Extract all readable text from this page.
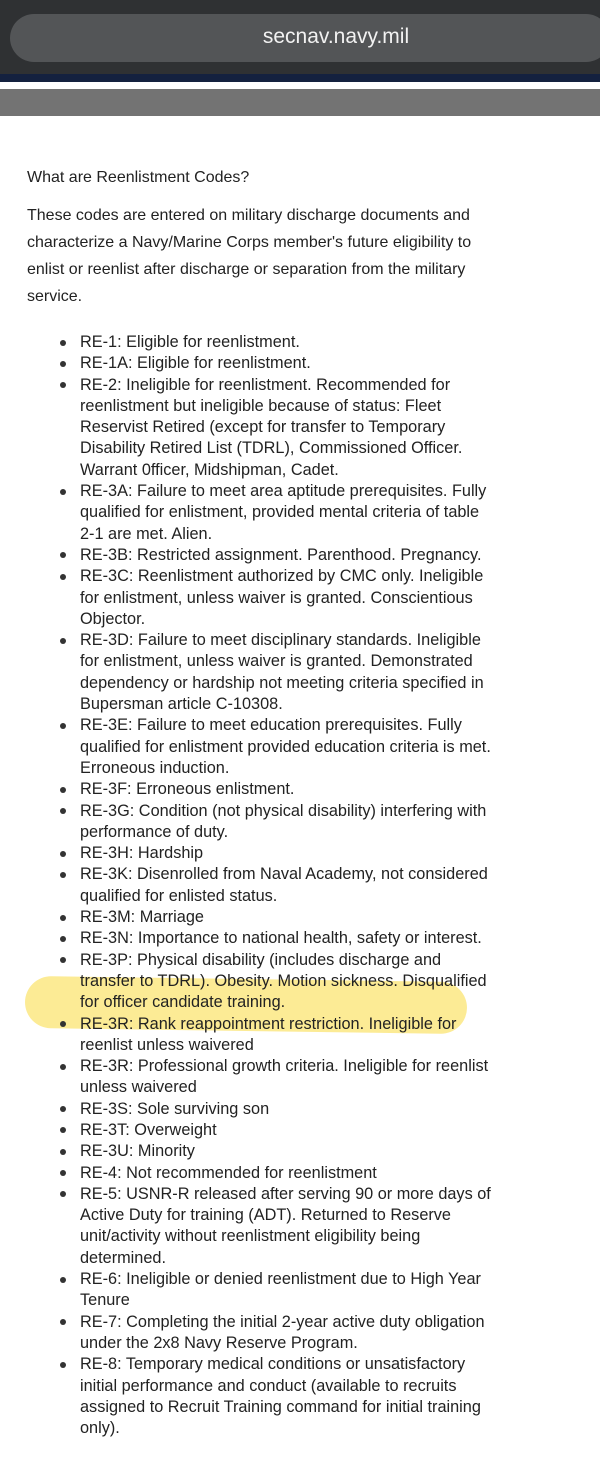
secnav.navy.mil

What are Reenlistment Codes?

These codes are entered on military discharge documents and characterize a Navy/Marine Corps member's future eligibility to enlist or reenlist after discharge or separation from the military service.

RE-1: Eligible for reenlistment.
RE-1A: Eligible for reenlistment.
RE-2: Ineligible for reenlistment. Recommended for reenlistment but ineligible because of status: Fleet Reservist Retired (except for transfer to Temporary Disability Retired List (TDRL), Commissioned Officer. Warrant 0fficer, Midshipman, Cadet.
RE-3A: Failure to meet area aptitude prerequisites. Fully qualified for enlistment, provided mental criteria of table 2-1 are met. Alien.
RE-3B: Restricted assignment. Parenthood. Pregnancy.
RE-3C: Reenlistment authorized by CMC only. Ineligible for enlistment, unless waiver is granted. Conscientious Objector.
RE-3D: Failure to meet disciplinary standards. Ineligible for enlistment, unless waiver is granted. Demonstrated dependency or hardship not meeting criteria specified in Bupersman article C-10308.
RE-3E: Failure to meet education prerequisites. Fully qualified for enlistment provided education criteria is met. Erroneous induction.
RE-3F: Erroneous enlistment.
RE-3G: Condition (not physical disability) interfering with performance of duty.
RE-3H: Hardship
RE-3K: Disenrolled from Naval Academy, not considered qualified for enlisted status.
RE-3M: Marriage
RE-3N: Importance to national health, safety or interest.
RE-3P: Physical disability (includes discharge and transfer to TDRL). Obesity. Motion sickness. Disqualified for officer candidate training.
RE-3R: Rank reappointment restriction. Ineligible for reenlist unless waivered
RE-3R: Professional growth criteria. Ineligible for reenlist unless waivered
RE-3S: Sole surviving son
RE-3T: Overweight
RE-3U: Minority
RE-4: Not recommended for reenlistment
RE-5: USNR-R released after serving 90 or more days of Active Duty for training (ADT). Returned to Reserve unit/activity without reenlistment eligibility being determined.
RE-6: Ineligible or denied reenlistment due to High Year Tenure
RE-7: Completing the initial 2-year active duty obligation under the 2x8 Navy Reserve Program.
RE-8: Temporary medical conditions or unsatisfactory initial performance and conduct (available to recruits assigned to Recruit Training command for initial training only).
